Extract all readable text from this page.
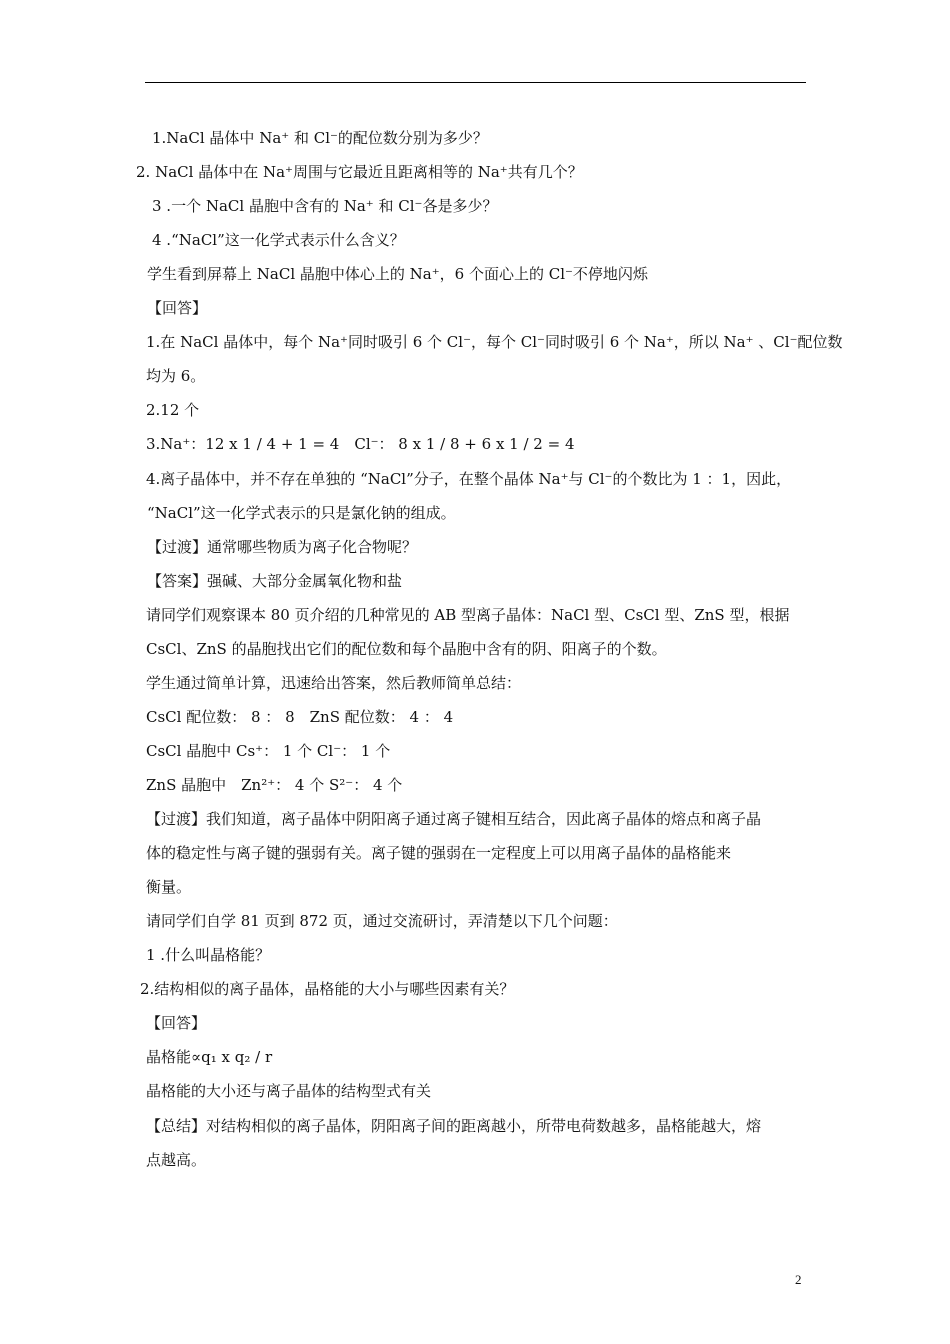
1.NaCl 晶体中 Na⁺ 和 Cl⁻的配位数分别为多少？
2. NaCl 晶体中在 Na⁺周围与它最近且距离相等的 Na⁺共有几个？
3 .一个 NaCl 晶胞中含有的 Na⁺ 和 Cl⁻各是多少？
4 .“NaCl”这一化学式表示什么含义？
学生看到屏幕上 NaCl 晶胞中体心上的 Na⁺，6 个面心上的 Cl⁻不停地闪烁
【回答】
1.在 NaCl 晶体中，每个 Na⁺同时吸引 6 个 Cl⁻，每个 Cl⁻同时吸引 6 个 Na⁺，所以 Na⁺ 、Cl⁻配位数
均为 6。
2.12 个
3.Na⁺：12 x 1 / 4 + 1 = 4　Cl⁻： 8 x 1 / 8 + 6 x 1 / 2 = 4
4.离子晶体中，并不存在单独的 “NaCl”分子，在整个晶体 Na⁺与 Cl⁻的个数比为 1 ：1，因此，
“NaCl”这一化学式表示的只是氯化钠的组成。
【过渡】通常哪些物质为离子化合物呢？
【答案】强碱、大部分金属氧化物和盐
请同学们观察课本 80 页介绍的几种常见的 AB 型离子晶体：NaCl 型、CsCl 型、ZnS 型，根据
CsCl、ZnS 的晶胞找出它们的配位数和每个晶胞中含有的阴、阳离子的个数。
学生通过简单计算，迅速给出答案，然后教师简单总结：
CsCl 配位数： 8 ： 8　ZnS 配位数： 4 ： 4
CsCl 晶胞中 Cs⁺： 1 个 Cl⁻： 1 个
ZnS 晶胞中　Zn²⁺： 4 个 S²⁻： 4 个
【过渡】我们知道，离子晶体中阴阳离子通过离子键相互结合，因此离子晶体的熔点和离子晶
体的稳定性与离子键的强弱有关。离子键的强弱在一定程度上可以用离子晶体的晶格能来
衡量。
请同学们自学 81 页到 872 页，通过交流研讨，弄清楚以下几个问题：
1 .什么叫晶格能？
2.结构相似的离子晶体，晶格能的大小与哪些因素有关？
【回答】
晶格能∝q₁ x q₂ / r
晶格能的大小还与离子晶体的结构型式有关
【总结】对结构相似的离子晶体，阴阳离子间的距离越小，所带电荷数越多，晶格能越大，熔
点越高。
2
